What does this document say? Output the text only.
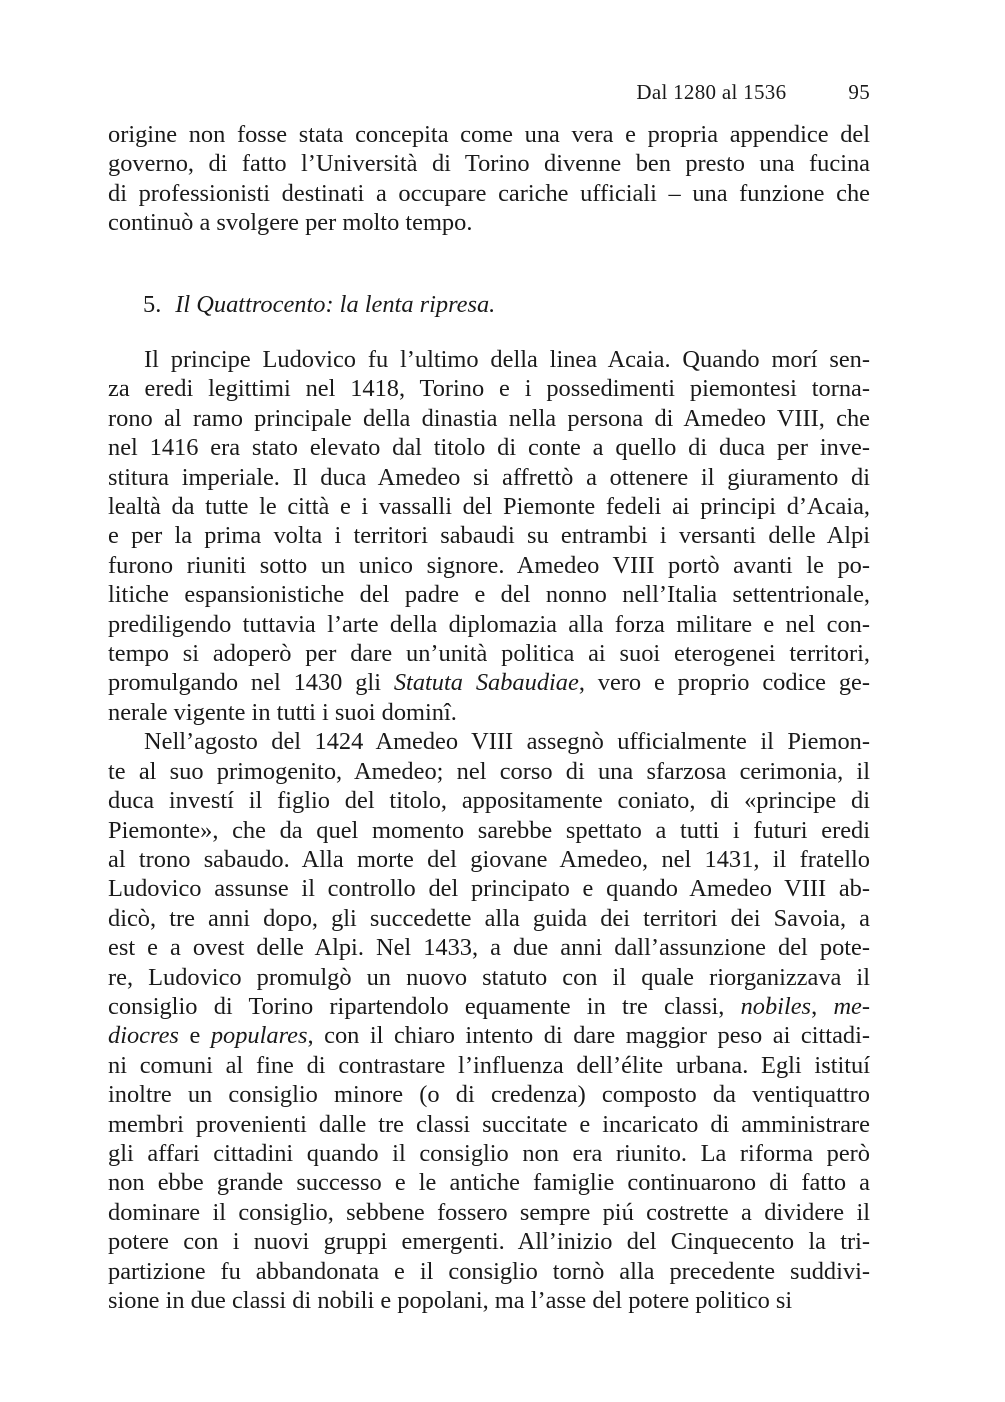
Dal 1280 al 1536	95
origine non fosse stata concepita come una vera e propria appendice del
governo, di fatto l’Università di Torino divenne ben presto una fucina
di professionisti destinati a occupare cariche ufficiali – una funzione che
continuò a svolgere per molto tempo.
5. Il Quattrocento: la lenta ripresa.
Il principe Ludovico fu l’ultimo della linea Acaia. Quando morí sen-
za eredi legittimi nel 1418, Torino e i possedimenti piemontesi torna-
rono al ramo principale della dinastia nella persona di Amedeo VIII, che
nel 1416 era stato elevato dal titolo di conte a quello di duca per inve-
stitura imperiale. Il duca Amedeo si affrettò a ottenere il giuramento di
lealtà da tutte le città e i vassalli del Piemonte fedeli ai principi d’Acaia,
e per la prima volta i territori sabaudi su entrambi i versanti delle Alpi
furono riuniti sotto un unico signore. Amedeo VIII portò avanti le po-
litiche espansionistiche del padre e del nonno nell’Italia settentrionale,
prediligendo tuttavia l’arte della diplomazia alla forza militare e nel con-
tempo si adoperò per dare un’unità politica ai suoi eterogenei territori,
promulgando nel 1430 gli Statuta Sabaudiae, vero e proprio codice ge-
nerale vigente in tutti i suoi dominî.
Nell’agosto del 1424 Amedeo VIII assegnò ufficialmente il Piemon-
te al suo primogenito, Amedeo; nel corso di una sfarzosa cerimonia, il
duca investí il figlio del titolo, appositamente coniato, di «principe di
Piemonte», che da quel momento sarebbe spettato a tutti i futuri eredi
al trono sabaudo. Alla morte del giovane Amedeo, nel 1431, il fratello
Ludovico assunse il controllo del principato e quando Amedeo VIII ab-
dicò, tre anni dopo, gli succedette alla guida dei territori dei Savoia, a
est e a ovest delle Alpi. Nel 1433, a due anni dall’assunzione del pote-
re, Ludovico promulgò un nuovo statuto con il quale riorganizzava il
consiglio di Torino ripartendolo equamente in tre classi, nobiles, me-
diocres e populares, con il chiaro intento di dare maggior peso ai cittadi-
ni comuni al fine di contrastare l’influenza dell’élite urbana. Egli istituí
inoltre un consiglio minore (o di credenza) composto da ventiquattro
membri provenienti dalle tre classi succitate e incaricato di amministrare
gli affari cittadini quando il consiglio non era riunito. La riforma però
non ebbe grande successo e le antiche famiglie continuarono di fatto a
dominare il consiglio, sebbene fossero sempre piú costrette a dividere il
potere con i nuovi gruppi emergenti. All’inizio del Cinquecento la tri-
partizione fu abbandonata e il consiglio tornò alla precedente suddivi-
sione in due classi di nobili e popolani, ma l’asse del potere politico si
